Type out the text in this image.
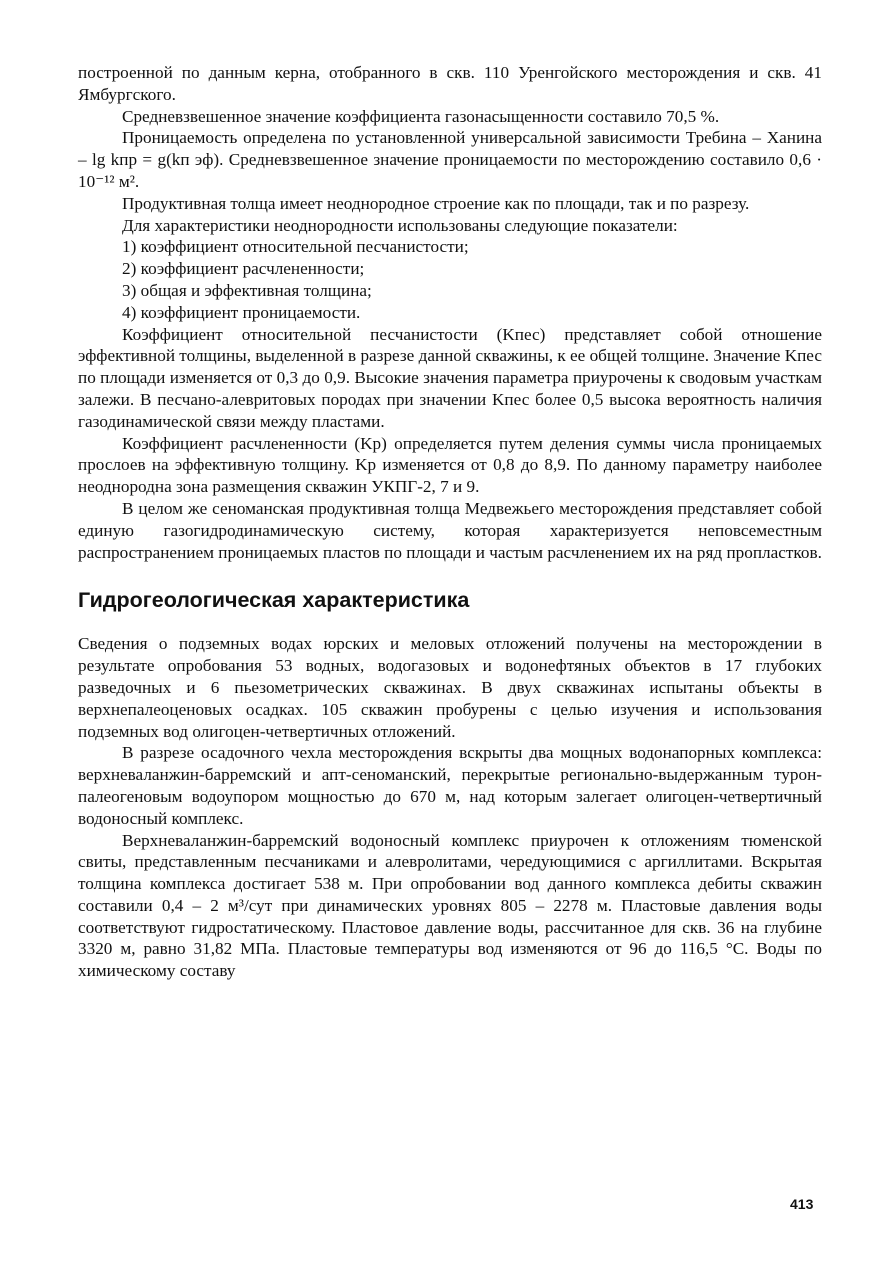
построенной по данным керна, отобранного в скв. 110 Уренгойского месторождения и скв. 41 Ямбургского.

Средневзвешенное значение коэффициента газонасыщенности составило 70,5 %.

Проницаемость определена по установленной универсальной зависимости Требина – Ханина – lg kпр = g(kп эф). Средневзвешенное значение проницаемости по месторождению составило 0,6 · 10⁻¹² м².

Продуктивная толща имеет неоднородное строение как по площади, так и по разрезу.

Для характеристики неоднородности использованы следующие показатели:

1) коэффициент относительной песчанистости;

2) коэффициент расчлененности;

3) общая и эффективная толщина;

4) коэффициент проницаемости.

Коэффициент относительной песчанистости (Kпес) представляет собой отношение эффективной толщины, выделенной в разрезе данной скважины, к ее общей толщине. Значение Kпес по площади изменяется от 0,3 до 0,9. Высокие значения параметра приурочены к сводовым участкам залежи. В песчано-алевритовых породах при значении Kпес более 0,5 высока вероятность наличия газодинамической связи между пластами.

Коэффициент расчлененности (Kр) определяется путем деления суммы числа проницаемых прослоев на эффективную толщину. Kр изменяется от 0,8 до 8,9. По данному параметру наиболее неоднородна зона размещения скважин УКПГ-2, 7 и 9.

В целом же сеноманская продуктивная толща Медвежьего месторождения представляет собой единую газогидродинамическую систему, которая характеризуется неповсеместным распространением проницаемых пластов по площади и частым расчленением их на ряд пропластков.

Гидрогеологическая характеристика

Сведения о подземных водах юрских и меловых отложений получены на месторождении в результате опробования 53 водных, водогазовых и водонефтяных объектов в 17 глубоких разведочных и 6 пьезометрических скважинах. В двух скважинах испытаны объекты в верхнепалеоценовых осадках. 105 скважин пробурены с целью изучения и использования подземных вод олигоцен-четвертичных отложений.

В разрезе осадочного чехла месторождения вскрыты два мощных водонапорных комплекса: верхневаланжин-барремский и апт-сеноманский, перекрытые регионально-выдержанным турон-палеогеновым водоупором мощностью до 670 м, над которым залегает олигоцен-четвертичный водоносный комплекс.

Верхневаланжин-барремский водоносный комплекс приурочен к отложениям тюменской свиты, представленным песчаниками и алевролитами, чередующимися с аргиллитами. Вскрытая толщина комплекса достигает 538 м. При опробовании вод данного комплекса дебиты скважин составили 0,4 – 2 м³/сут при динамических уровнях 805 – 2278 м. Пластовые давления воды соответствуют гидростатическому. Пластовое давление воды, рассчитанное для скв. 36 на глубине 3320 м, равно 31,82 МПа. Пластовые температуры вод изменяются от 96 до 116,5 °С. Воды по химическому составу

413
